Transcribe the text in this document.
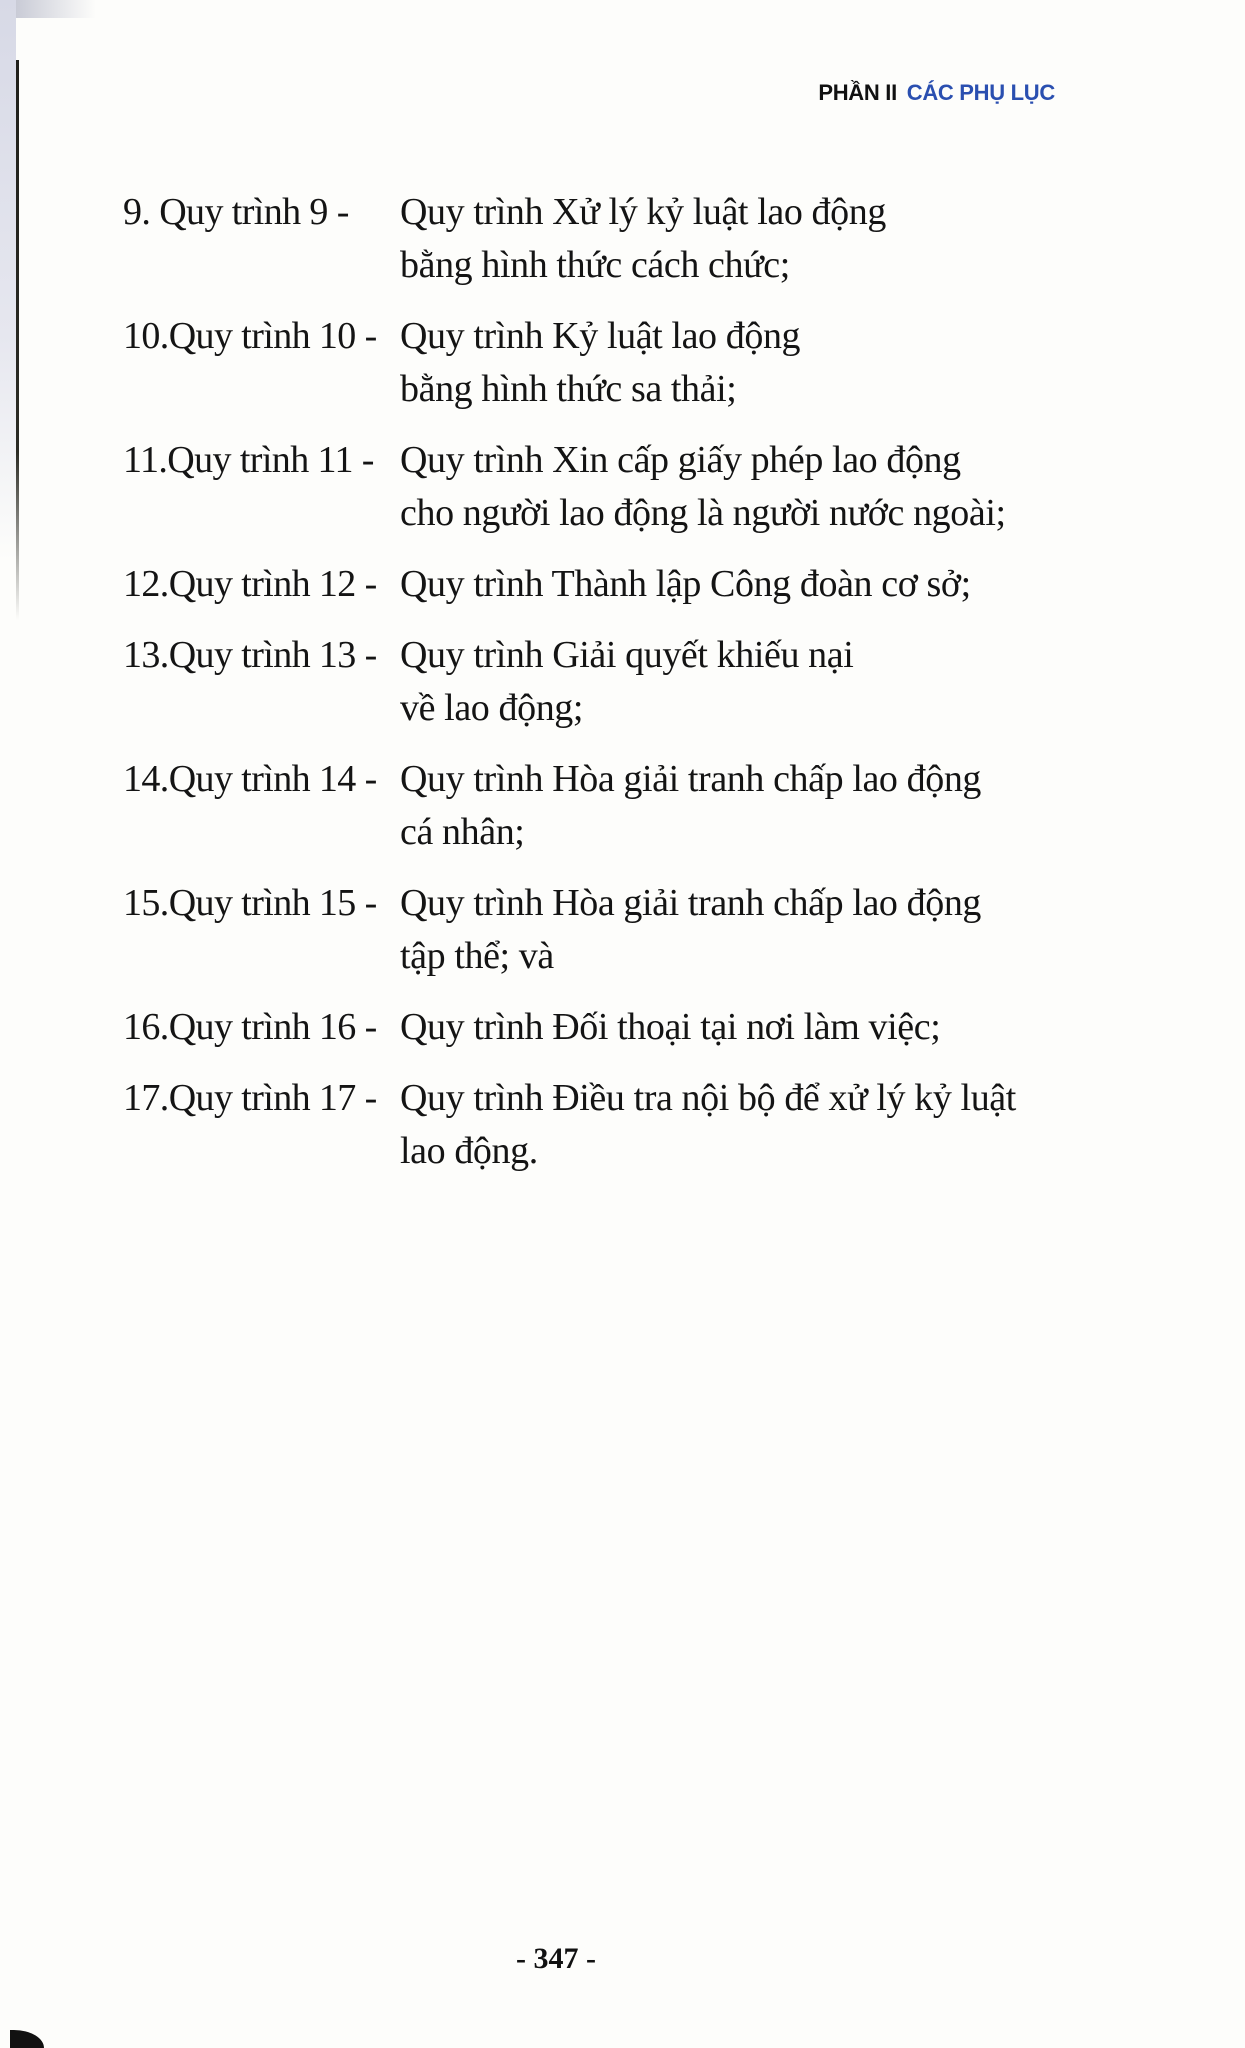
PHẦN II CÁC PHỤ LỤC
9. Quy trình 9 -	Quy trình Xử lý kỷ luật lao động
bằng hình thức cách chức;
10.Quy trình 10 - Quy trình Kỷ luật lao động
bằng hình thức sa thải;
11.Quy trình 11 - Quy trình Xin cấp giấy phép lao động
cho người lao động là người nước ngoài;
12.Quy trình 12 - Quy trình Thành lập Công đoàn cơ sở;
13.Quy trình 13 - Quy trình Giải quyết khiếu nại
về lao động;
14.Quy trình 14 - Quy trình Hòa giải tranh chấp lao động
cá nhân;
15.Quy trình 15 - Quy trình Hòa giải tranh chấp lao động
tập thể; và
16.Quy trình 16 - Quy trình Đối thoại tại nơi làm việc;
17.Quy trình 17 - Quy trình Điều tra nội bộ để xử lý kỷ luật
lao động.
- 347 -
